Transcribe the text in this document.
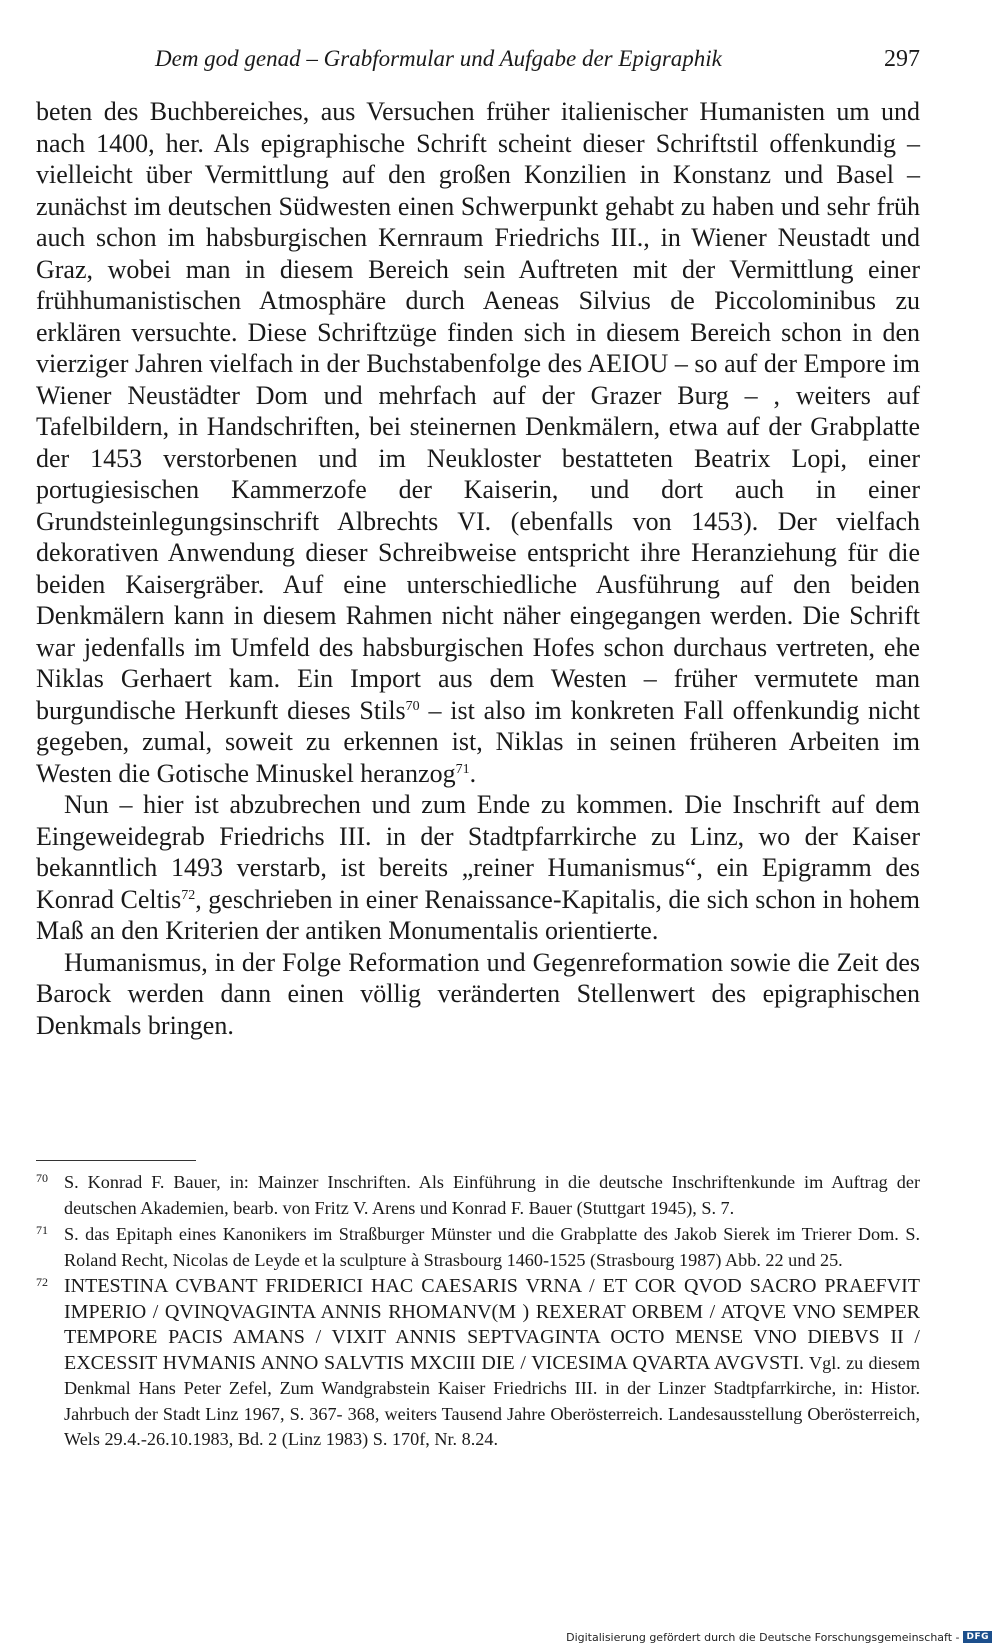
Dem god genad – Grabformular und Aufgabe der Epigraphik	297

beten des Buchbereiches, aus Versuchen früher italienischer Humanisten um und nach 1400, her. Als epigraphische Schrift scheint dieser Schriftstil offenkundig – vielleicht über Vermittlung auf den großen Konzilien in Konstanz und Basel – zunächst im deutschen Südwesten einen Schwerpunkt gehabt zu haben und sehr früh auch schon im habsburgischen Kernraum Friedrichs III., in Wiener Neustadt und Graz, wobei man in diesem Bereich sein Auftreten mit der Vermittlung einer frühhumanistischen Atmosphäre durch Aeneas Silvius de Piccolominibus zu erklären versuchte. Diese Schriftzüge finden sich in diesem Bereich schon in den vierziger Jahren vielfach in der Buchstabenfolge des AEIOU – so auf der Empore im Wiener Neustädter Dom und mehrfach auf der Grazer Burg – , weiters auf Tafelbildern, in Handschriften, bei steinernen Denkmälern, etwa auf der Grabplatte der 1453 verstorbenen und im Neukloster bestatteten Beatrix Lopi, einer portugiesischen Kammerzofe der Kaiserin, und dort auch in einer Grundsteinlegungsinschrift Albrechts VI. (ebenfalls von 1453). Der vielfach dekorativen Anwendung dieser Schreibweise entspricht ihre Heranziehung für die beiden Kaisergräber. Auf eine unterschiedliche Ausführung auf den beiden Denkmälern kann in diesem Rahmen nicht näher eingegangen werden. Die Schrift war jedenfalls im Umfeld des habsburgischen Hofes schon durchaus vertreten, ehe Niklas Gerhaert kam. Ein Import aus dem Westen – früher vermutete man burgundische Herkunft dieses Stils$^{70}$ – ist also im konkreten Fall offenkundig nicht gegeben, zumal, soweit zu erkennen ist, Niklas in seinen früheren Arbeiten im Westen die Gotische Minuskel heranzog$^{71}$.

Nun – hier ist abzubrechen und zum Ende zu kommen. Die Inschrift auf dem Eingeweidegrab Friedrichs III. in der Stadtpfarrkirche zu Linz, wo der Kaiser bekanntlich 1493 verstarb, ist bereits „reiner Humanismus“, ein Epigramm des Konrad Celtis$^{72}$, geschrieben in einer Renaissance-Kapitalis, die sich schon in hohem Maß an den Kriterien der antiken Monumentalis orientierte.

Humanismus, in der Folge Reformation und Gegenreformation sowie die Zeit des Barock werden dann einen völlig veränderten Stellenwert des epigraphischen Denkmals bringen.

70 S. Konrad F. Bauer, in: Mainzer Inschriften. Als Einführung in die deutsche Inschriftenkunde im Auftrag der deutschen Akademien, bearb. von Fritz V. Arens und Konrad F. Bauer (Stuttgart 1945), S. 7.

71 S. das Epitaph eines Kanonikers im Straßburger Münster und die Grabplatte des Jakob Sierek im Trierer Dom. S. Roland Recht, Nicolas de Leyde et la sculpture à Strasbourg 1460-1525 (Strasbourg 1987) Abb. 22 und 25.

72 INTESTINA CVBANT FRIDERICI HAC CAESARIS VRNA / ET COR QVOD SACRO PRAEFVIT IMPERIO / QVINQVAGINTA ANNIS RHOMANV(M ) REXERAT ORBEM / ATQVE VNO SEMPER TEMPORE PACIS AMANS / VIXIT ANNIS SEPTVAGINTA OCTO MENSE VNO DIEBVS II / EXCESSIT HVMANIS ANNO SALVTIS MXCIII DIE / VICESIMA QVARTA AVGVSTI. Vgl. zu diesem Denkmal Hans Peter Zefel, Zum Wandgrabstein Kaiser Friedrichs III. in der Linzer Stadtpfarrkirche, in: Histor. Jahrbuch der Stadt Linz 1967, S. 367- 368, weiters Tausend Jahre Oberösterreich. Landesausstellung Oberösterreich, Wels 29.4.-26.10.1983, Bd. 2 (Linz 1983) S. 170f, Nr. 8.24.

Digitalisierung gefördert durch die Deutsche Forschungsgemeinschaft - DFG
